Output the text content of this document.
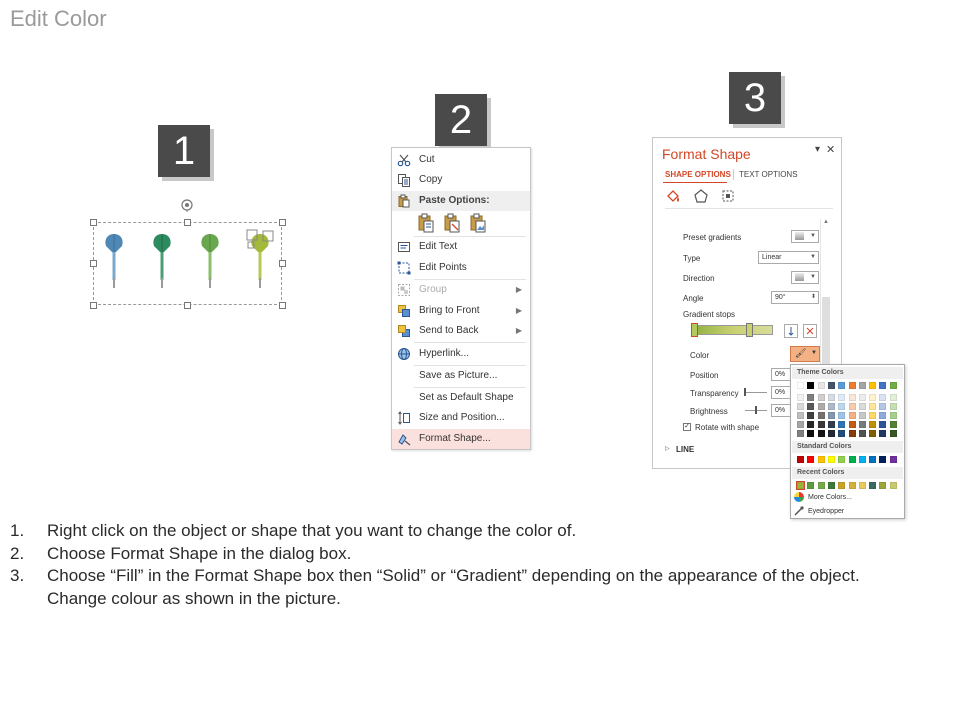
Edit Color
1
2	3
Cut
Copy
Paste Options:
Edit Text
Edit Points
Group	▶
Bring to Front	▶
Send to Back	▶
Hyperlink...
Save as Picture...
Set as Default Shape
Size and Position...
Format Shape...
Format Shape	▾ ✕
SHAPE OPTIONS TEXT OPTIONS
Preset gradients	▼
Type	Linear	▼
Direction	▼
Angle	90°	⬍
Gradient stops
Color	🖌 ▼
Position	0%
Transparency	0%
Brightness	0%
✓ Rotate with shape
▷ LINE
▲
Theme Colors
Standard Colors
Recent Colors
More Colors...
Eyedropper
1. Right click on the object or shape that you want to change the color of.
2. Choose Format Shape in the dialog box.
3. Choose “Fill” in the Format Shape box then “Solid” or “Gradient” depending on the appearance of the object.
Change colour as shown in the picture.
